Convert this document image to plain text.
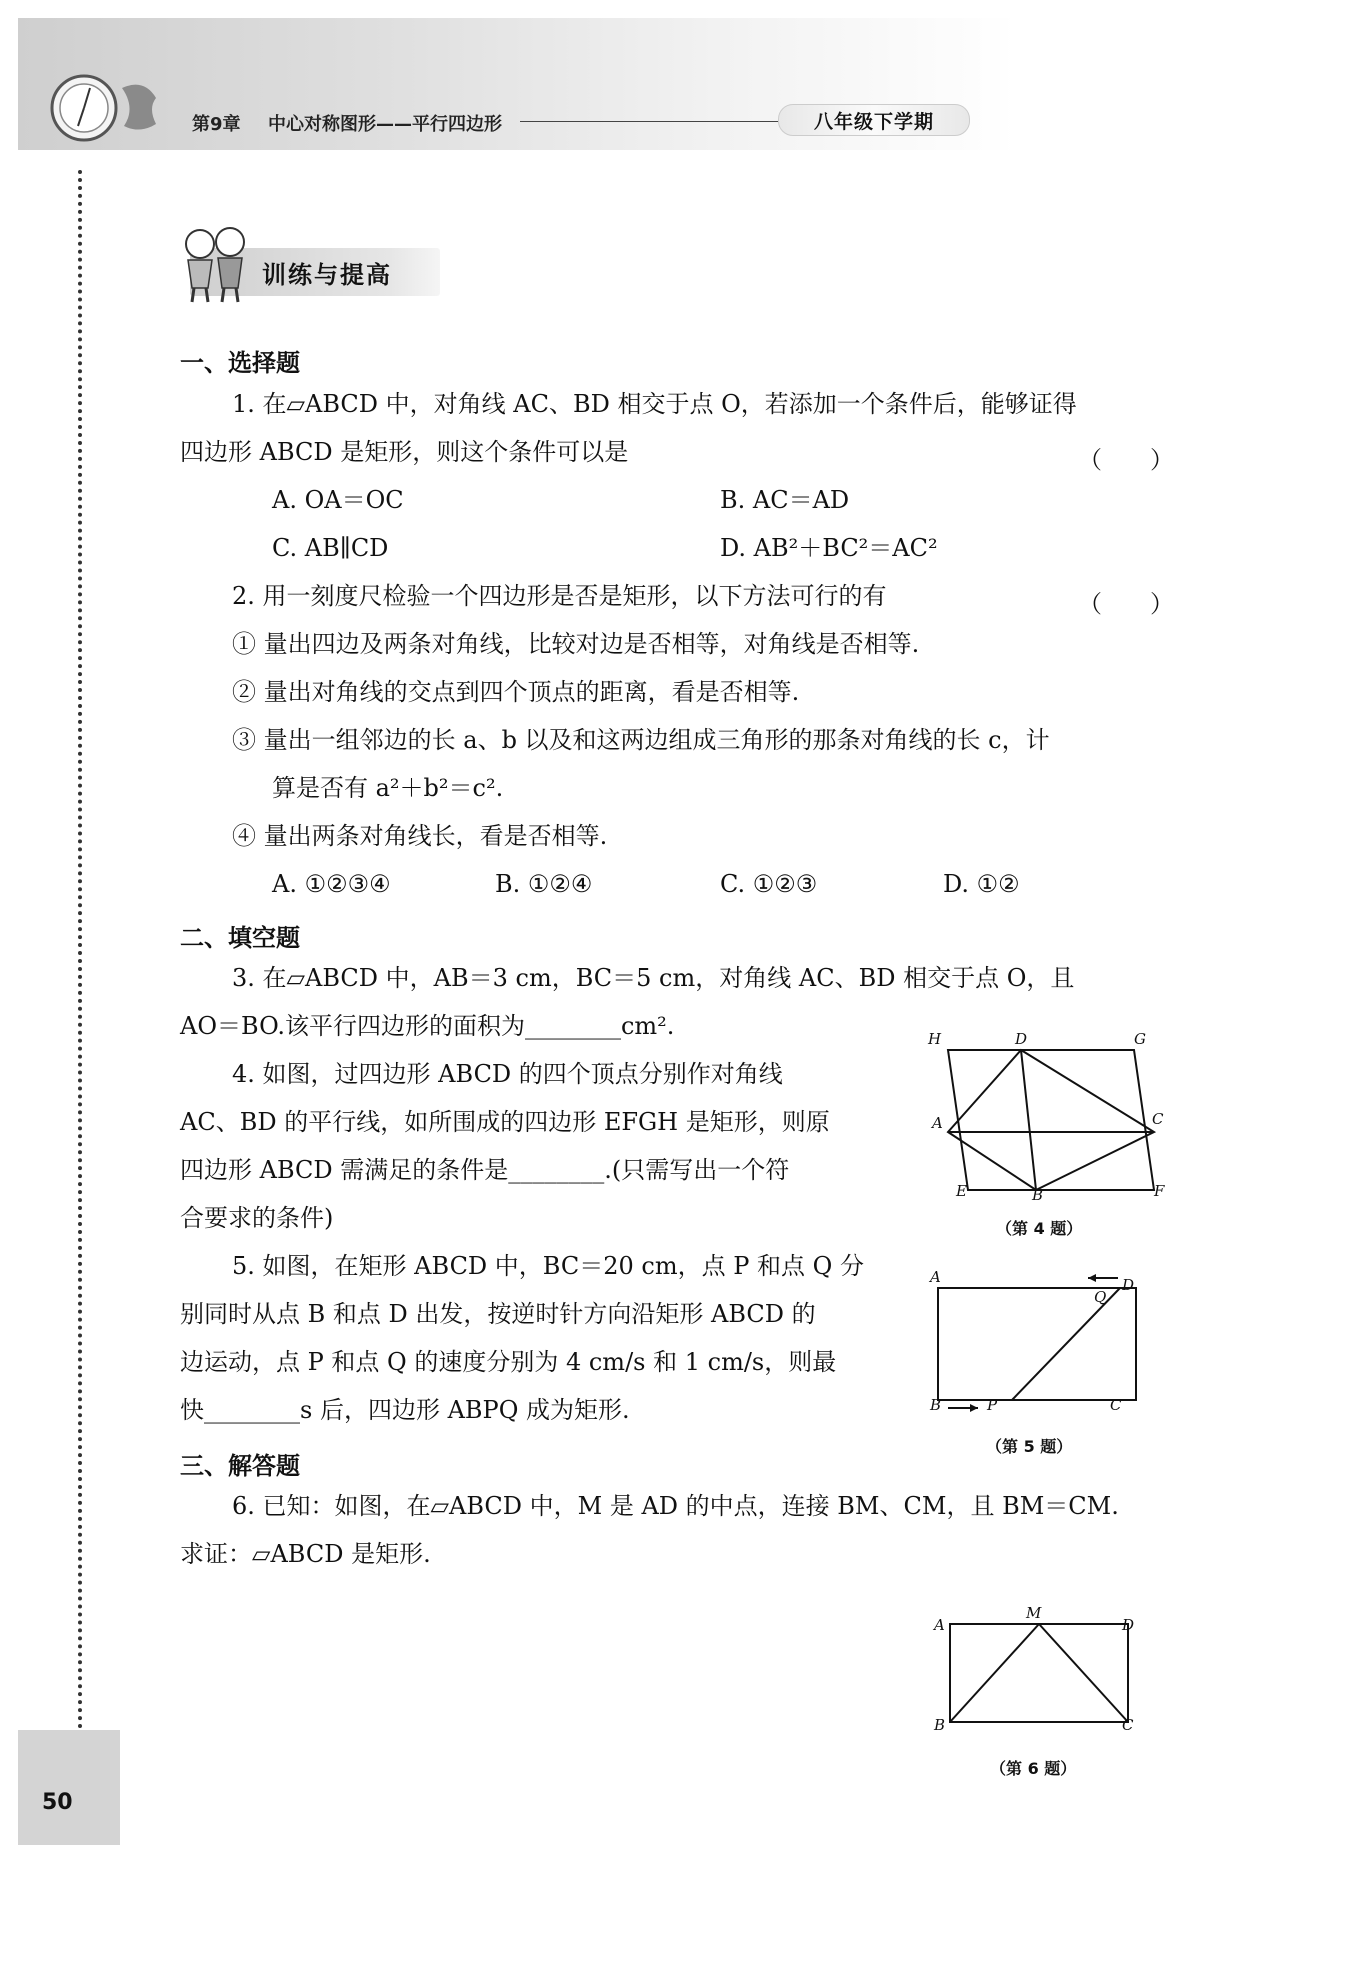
第9章 中心对称图形——平行四边形	八年级下学期
50
训练与提高
一、选择题
1. 在▱ABCD 中，对角线 AC、BD 相交于点 O，若添加一个条件后，能够证得
四边形 ABCD 是矩形，则这个条件可以是	（　　）
A. OA＝OC	B. AC＝AD
C. AB∥CD	D. AB²＋BC²＝AC²
2. 用一刻度尺检验一个四边形是否是矩形，以下方法可行的有	（　　）
① 量出四边及两条对角线，比较对边是否相等，对角线是否相等.
② 量出对角线的交点到四个顶点的距离，看是否相等.
③ 量出一组邻边的长 a、b 以及和这两边组成三角形的那条对角线的长 c，计
算是否有 a²＋b²＝c².
④ 量出两条对角线长，看是否相等.
A. ①②③④	B. ①②④	C. ①②③	D. ①②
二、填空题
3. 在▱ABCD 中，AB＝3 cm，BC＝5 cm，对角线 AC、BD 相交于点 O，且
AO＝BO.该平行四边形的面积为________cm².
4. 如图，过四边形 ABCD 的四个顶点分别作对角线
AC、BD 的平行线，如所围成的四边形 EFGH 是矩形，则原
四边形 ABCD 需满足的条件是________.(只需写出一个符
合要求的条件)
H	D	G
A	C
E	B	F
（第 4 题）
5. 如图，在矩形 ABCD 中，BC＝20 cm，点 P 和点 Q 分
别同时从点 B 和点 D 出发，按逆时针方向沿矩形 ABCD 的
边运动，点 P 和点 Q 的速度分别为 4 cm/s 和 1 cm/s，则最
快________s 后，四边形 ABPQ 成为矩形.
A	D
Q
B	P	C
（第 5 题）
三、解答题
6. 已知：如图，在▱ABCD 中，M 是 AD 的中点，连接 BM、CM，且 BM＝CM.
求证：▱ABCD 是矩形.
A
M
D
B	C
（第 6 题）
